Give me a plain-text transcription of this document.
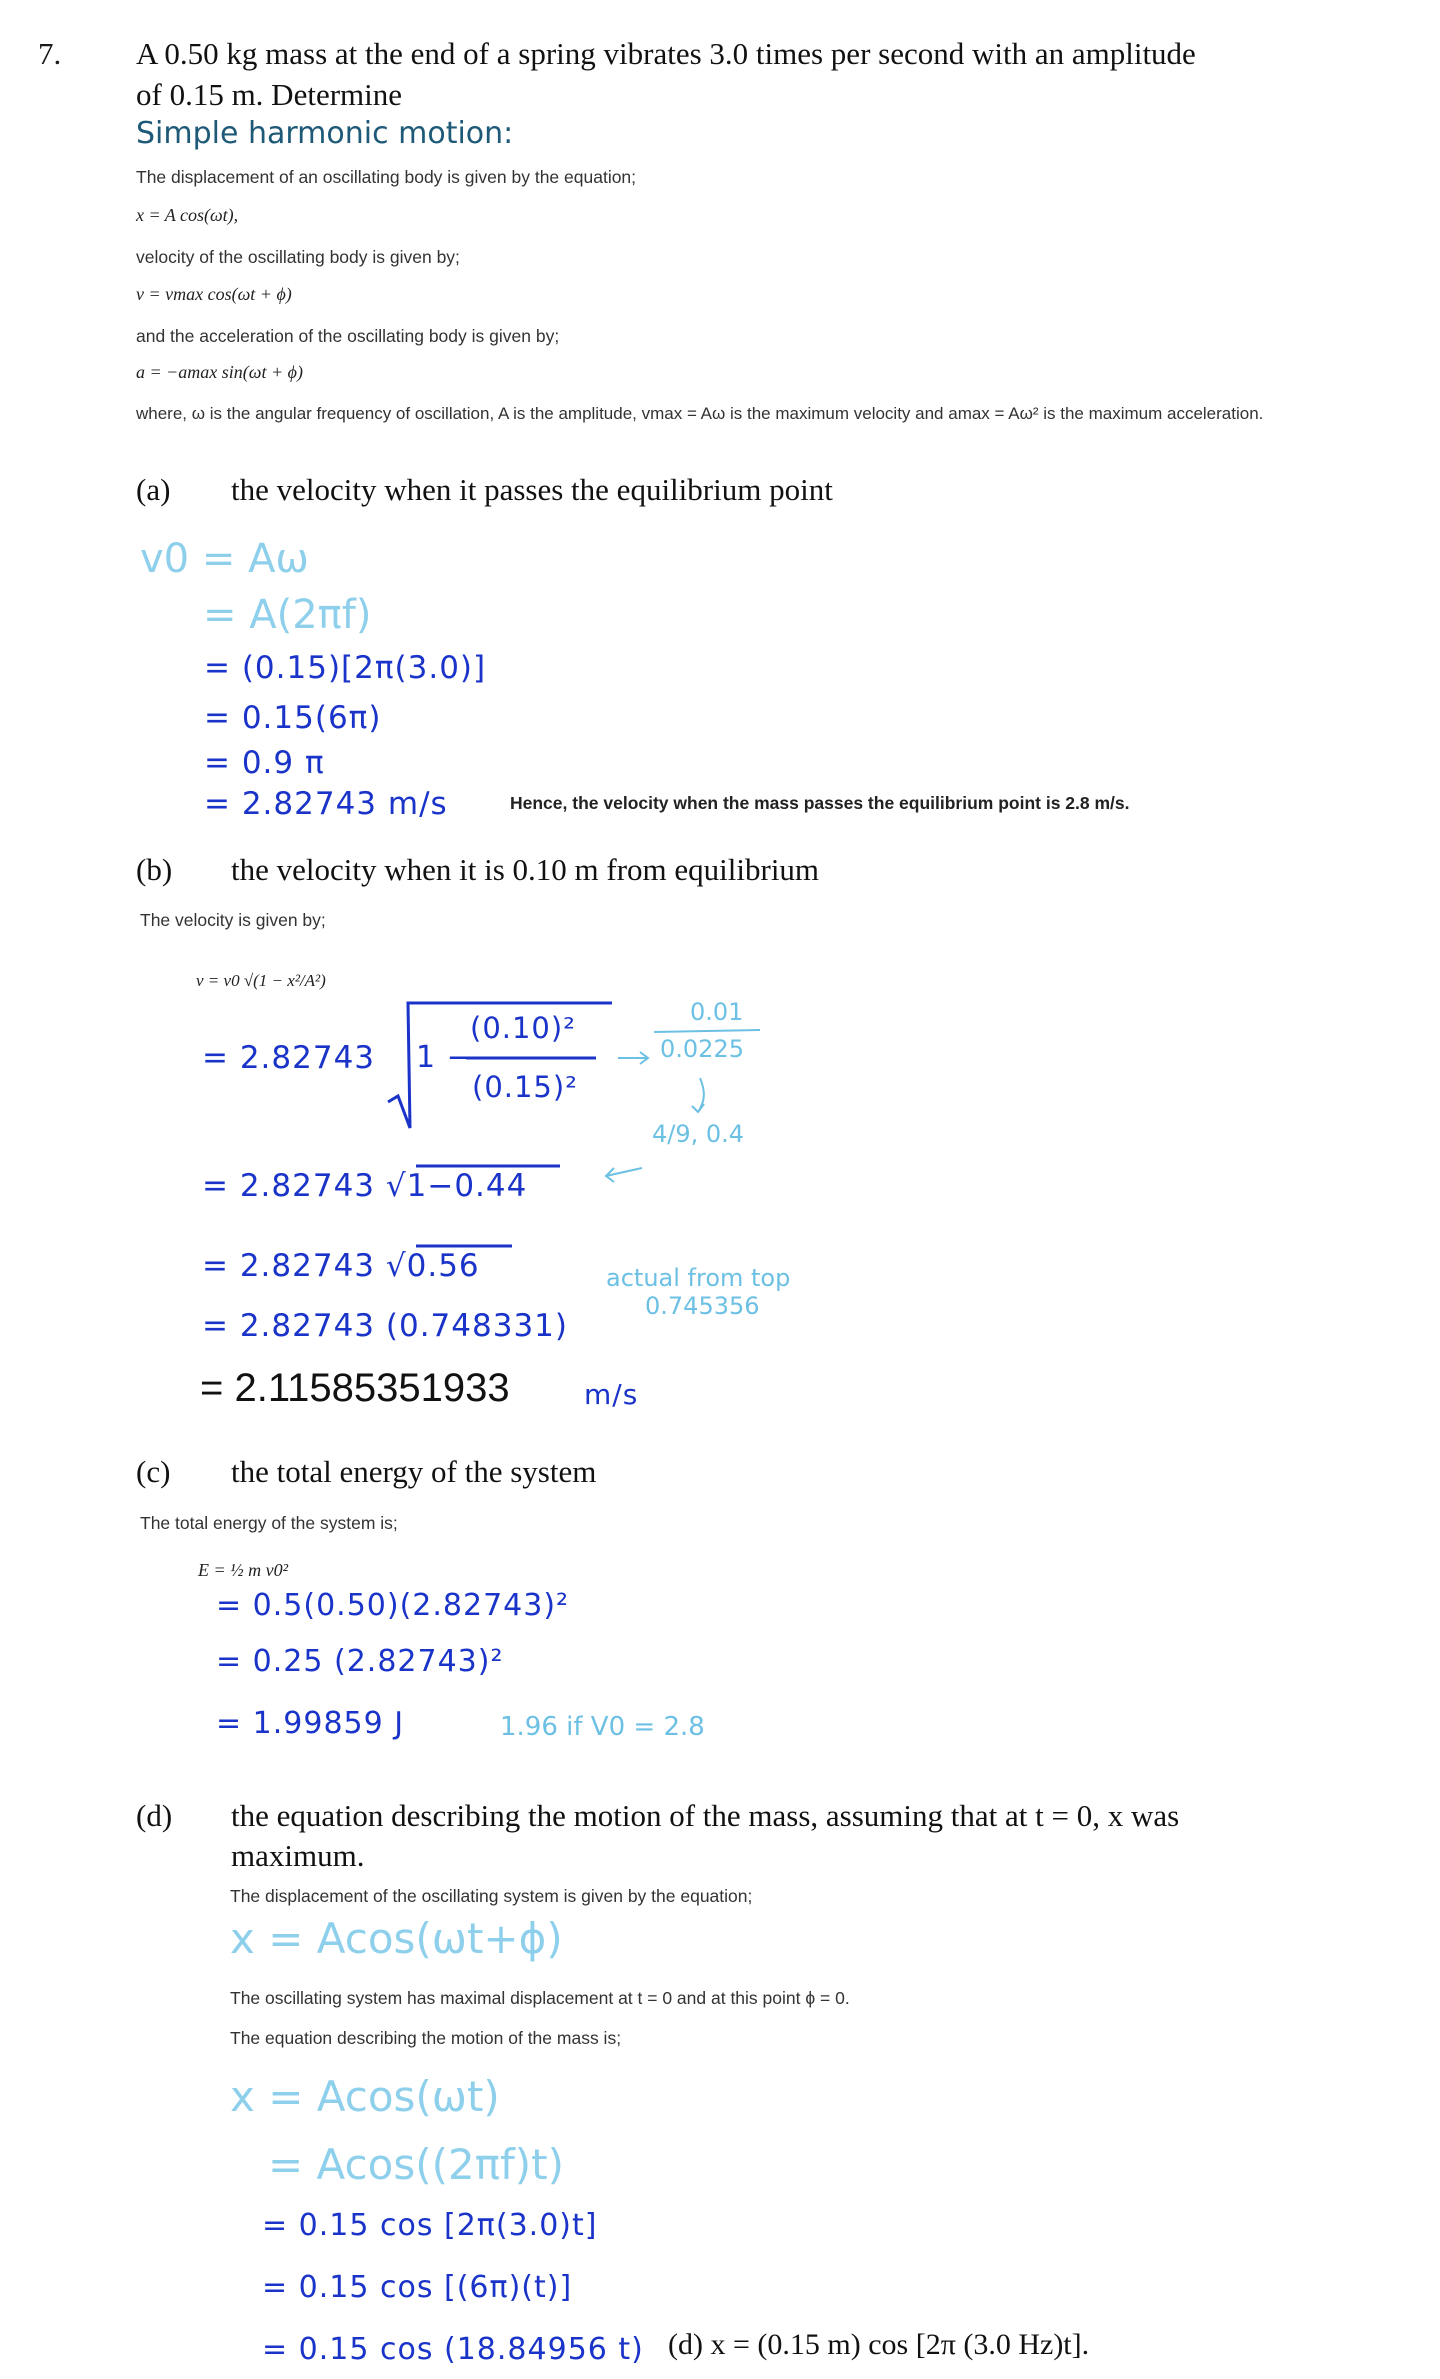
7. A 0.50 kg mass at the end of a spring vibrates 3.0 times per second with an amplitude
of 0.15 m. Determine
Simple harmonic motion:
The displacement of an oscillating body is given by the equation;
x = A cos(ωt),
velocity of the oscillating body is given by;
v = vmax cos(ωt + ϕ)
and the acceleration of the oscillating body is given by;
a = −amax sin(ωt + ϕ)
where, ω is the angular frequency of oscillation, A is the amplitude, vmax = Aω is the maximum velocity and amax = Aω² is the maximum acceleration.
(a) the velocity when it passes the equilibrium point
v0 = Aω
= A(2πf)
= (0.15)[2π(3.0)]
= 0.15(6π)
= 0.9 π
= 2.82743 m/s	Hence, the velocity when the mass passes the equilibrium point is 2.8 m/s.
(b) the velocity when it is 0.10 m from equilibrium
The velocity is given by;
v = v0 √(1 − x²/A²)
= 2.82743 1 −
(0.10)²
(0.15)²
0.01
0.0225
4/9, 0.4
= 2.82743 √1−0.44
= 2.82743 √0.56	actual from top
0.745356
= 2.82743 (0.748331)
= 2.11585351933	m/s
(c) the total energy of the system
The total energy of the system is;
E = ½ m v0²
= 0.5(0.50)(2.82743)²
= 0.25 (2.82743)²
= 1.99859 J	1.96 if V0 = 2.8
(d) the equation describing the motion of the mass, assuming that at t = 0, x was
maximum.
The displacement of the oscillating system is given by the equation;
x = Acos(ωt+ϕ)
The oscillating system has maximal displacement at t = 0 and at this point ϕ = 0.
The equation describing the motion of the mass is;
x = Acos(ωt)
= Acos((2πf)t)
= 0.15 cos [2π(3.0)t]
= 0.15 cos [(6π)(t)]
= 0.15 cos (18.84956 t) (d) x = (0.15 m) cos [2π (3.0 Hz)t].
